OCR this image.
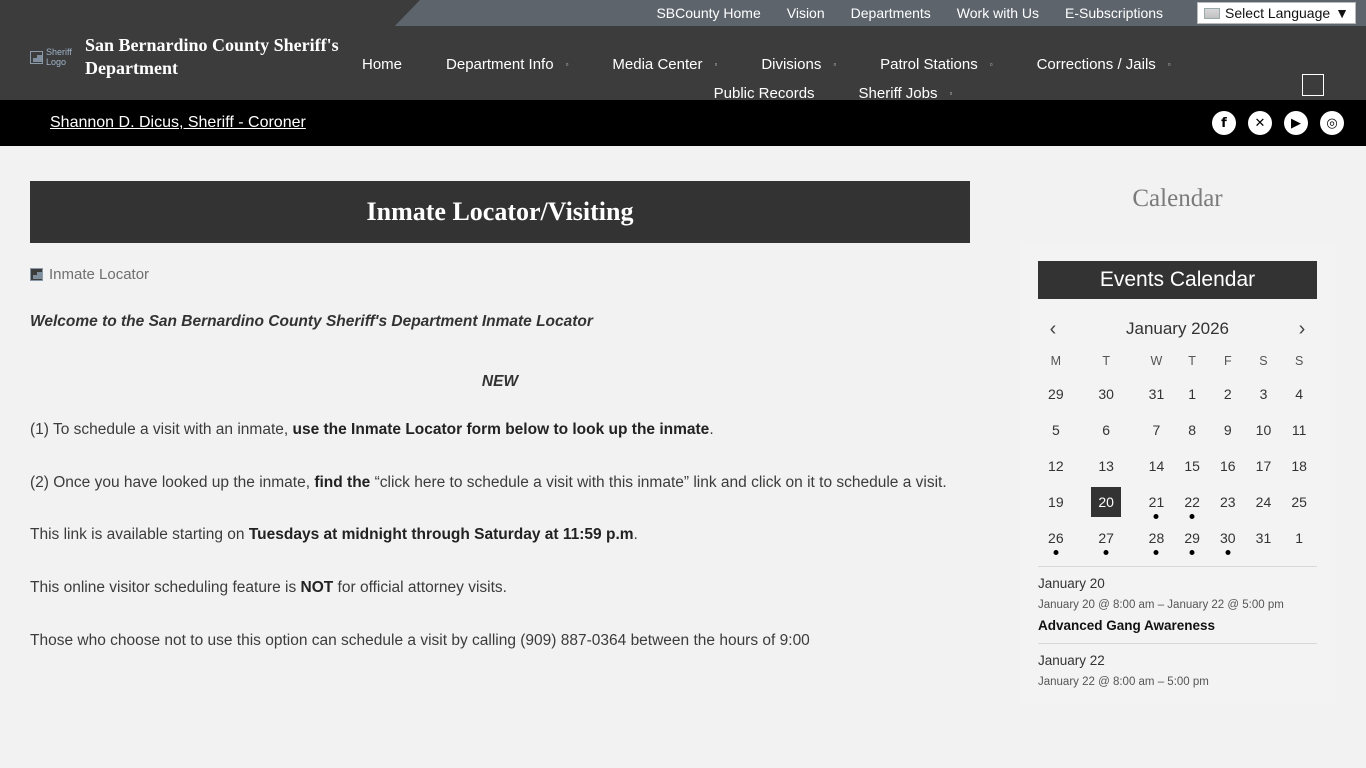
SBCounty Home Vision Departments Work with Us E-Subscriptions	Select Language ▼
Sheriff Logo
San Bernardino County Sheriff's Department	Home	Department Info ▫	Media Center ▫	Divisions ▫	Patrol Stations ▫	Corrections / Jails ▫
Public Records	Sheriff Jobs ▫
Shannon D. Dicus, Sheriff - Coroner	f	✕	▶	◎
Inmate Locator/Visiting
Inmate Locator
Welcome to the San Bernardino County Sheriff's Department Inmate Locator
NEW
(1) To schedule a visit with an inmate, use the Inmate Locator form below to look up the inmate.
(2) Once you have looked up the inmate, find the “click here to schedule a visit with this inmate” link and click on it to schedule a visit.
This link is available starting on Tuesdays at midnight through Saturday at 11:59 p.m.
This online visitor scheduling feature is NOT for official attorney visits.
Those who choose not to use this option can schedule a visit by calling (909) 887-0364 between the hours of 9:00
Calendar
Events Calendar
‹	January 2026	›
M	T	W	T	F	S	S
29	30	31	1	2	3	4
5	6	7	8	9	10	11
12	13	14	15	16	17	18
19	20	21	22	23	24	25
26	27	28	29	30	31	1
January 20
January 20 @ 8:00 am – January 22 @ 5:00 pm
Advanced Gang Awareness
January 22
January 22 @ 8:00 am – 5:00 pm
